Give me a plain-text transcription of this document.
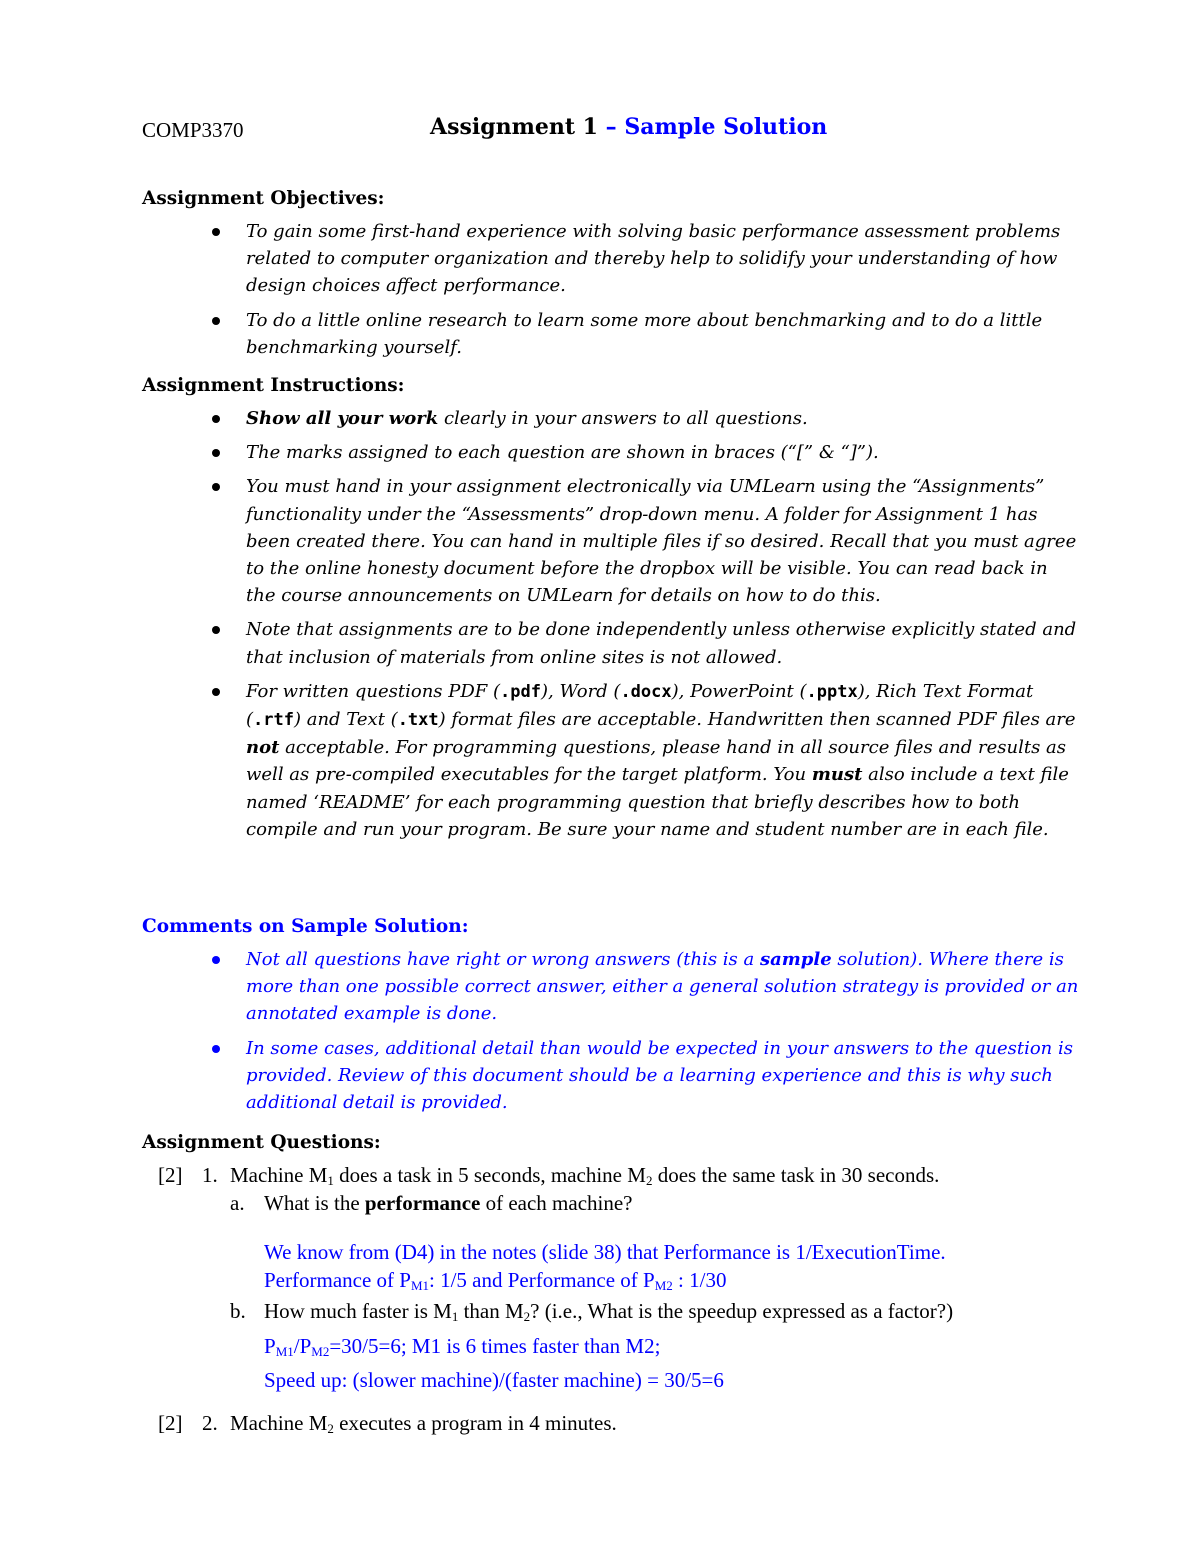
COMP3370	Assignment 1 – Sample Solution
Assignment Objectives:
To gain some first-hand experience with solving basic performance assessment problems related to computer organization and thereby help to solidify your understanding of how design choices affect performance.
To do a little online research to learn some more about benchmarking and to do a little benchmarking yourself.
Assignment Instructions:
Show all your work clearly in your answers to all questions.
The marks assigned to each question are shown in braces (“[” & “]”).
You must hand in your assignment electronically via UMLearn using the “Assignments” functionality under the “Assessments” drop-down menu. A folder for Assignment 1 has been created there. You can hand in multiple files if so desired. Recall that you must agree to the online honesty document before the dropbox will be visible. You can read back in the course announcements on UMLearn for details on how to do this.
Note that assignments are to be done independently unless otherwise explicitly stated and that inclusion of materials from online sites is not allowed.
For written questions PDF (.pdf), Word (.docx), PowerPoint (.pptx), Rich Text Format (.rtf) and Text (.txt) format files are acceptable. Handwritten then scanned PDF files are not acceptable. For programming questions, please hand in all source files and results as well as pre-compiled executables for the target platform. You must also include a text file named ‘README’ for each programming question that briefly describes how to both compile and run your program. Be sure your name and student number are in each file.
Comments on Sample Solution:
Not all questions have right or wrong answers (this is a sample solution). Where there is more than one possible correct answer, either a general solution strategy is provided or an annotated example is done.
In some cases, additional detail than would be expected in your answers to the question is provided. Review of this document should be a learning experience and this is why such additional detail is provided.
Assignment Questions:
[2] 1. Machine $M_1$ does a task in 5 seconds, machine $M_2$ does the same task in 30 seconds.

a. What is the performance of each machine?

We know from (D4) in the notes (slide 38) that Performance is 1/ExecutionTime.
Performance of $P_{M1}$: 1/5 and Performance of $P_{M2}$ : 1/30
b. How much faster is $M_1$ than $M_2$? (i.e., What is the speedup expressed as a factor?)

$P_{M1}/P_{M2}=30/5=6$; M1 is 6 times faster than M2;
Speed up: (slower machine)/(faster machine) = 30/5=6
[2] 2. Machine $M_2$ executes a program in 4 minutes.
